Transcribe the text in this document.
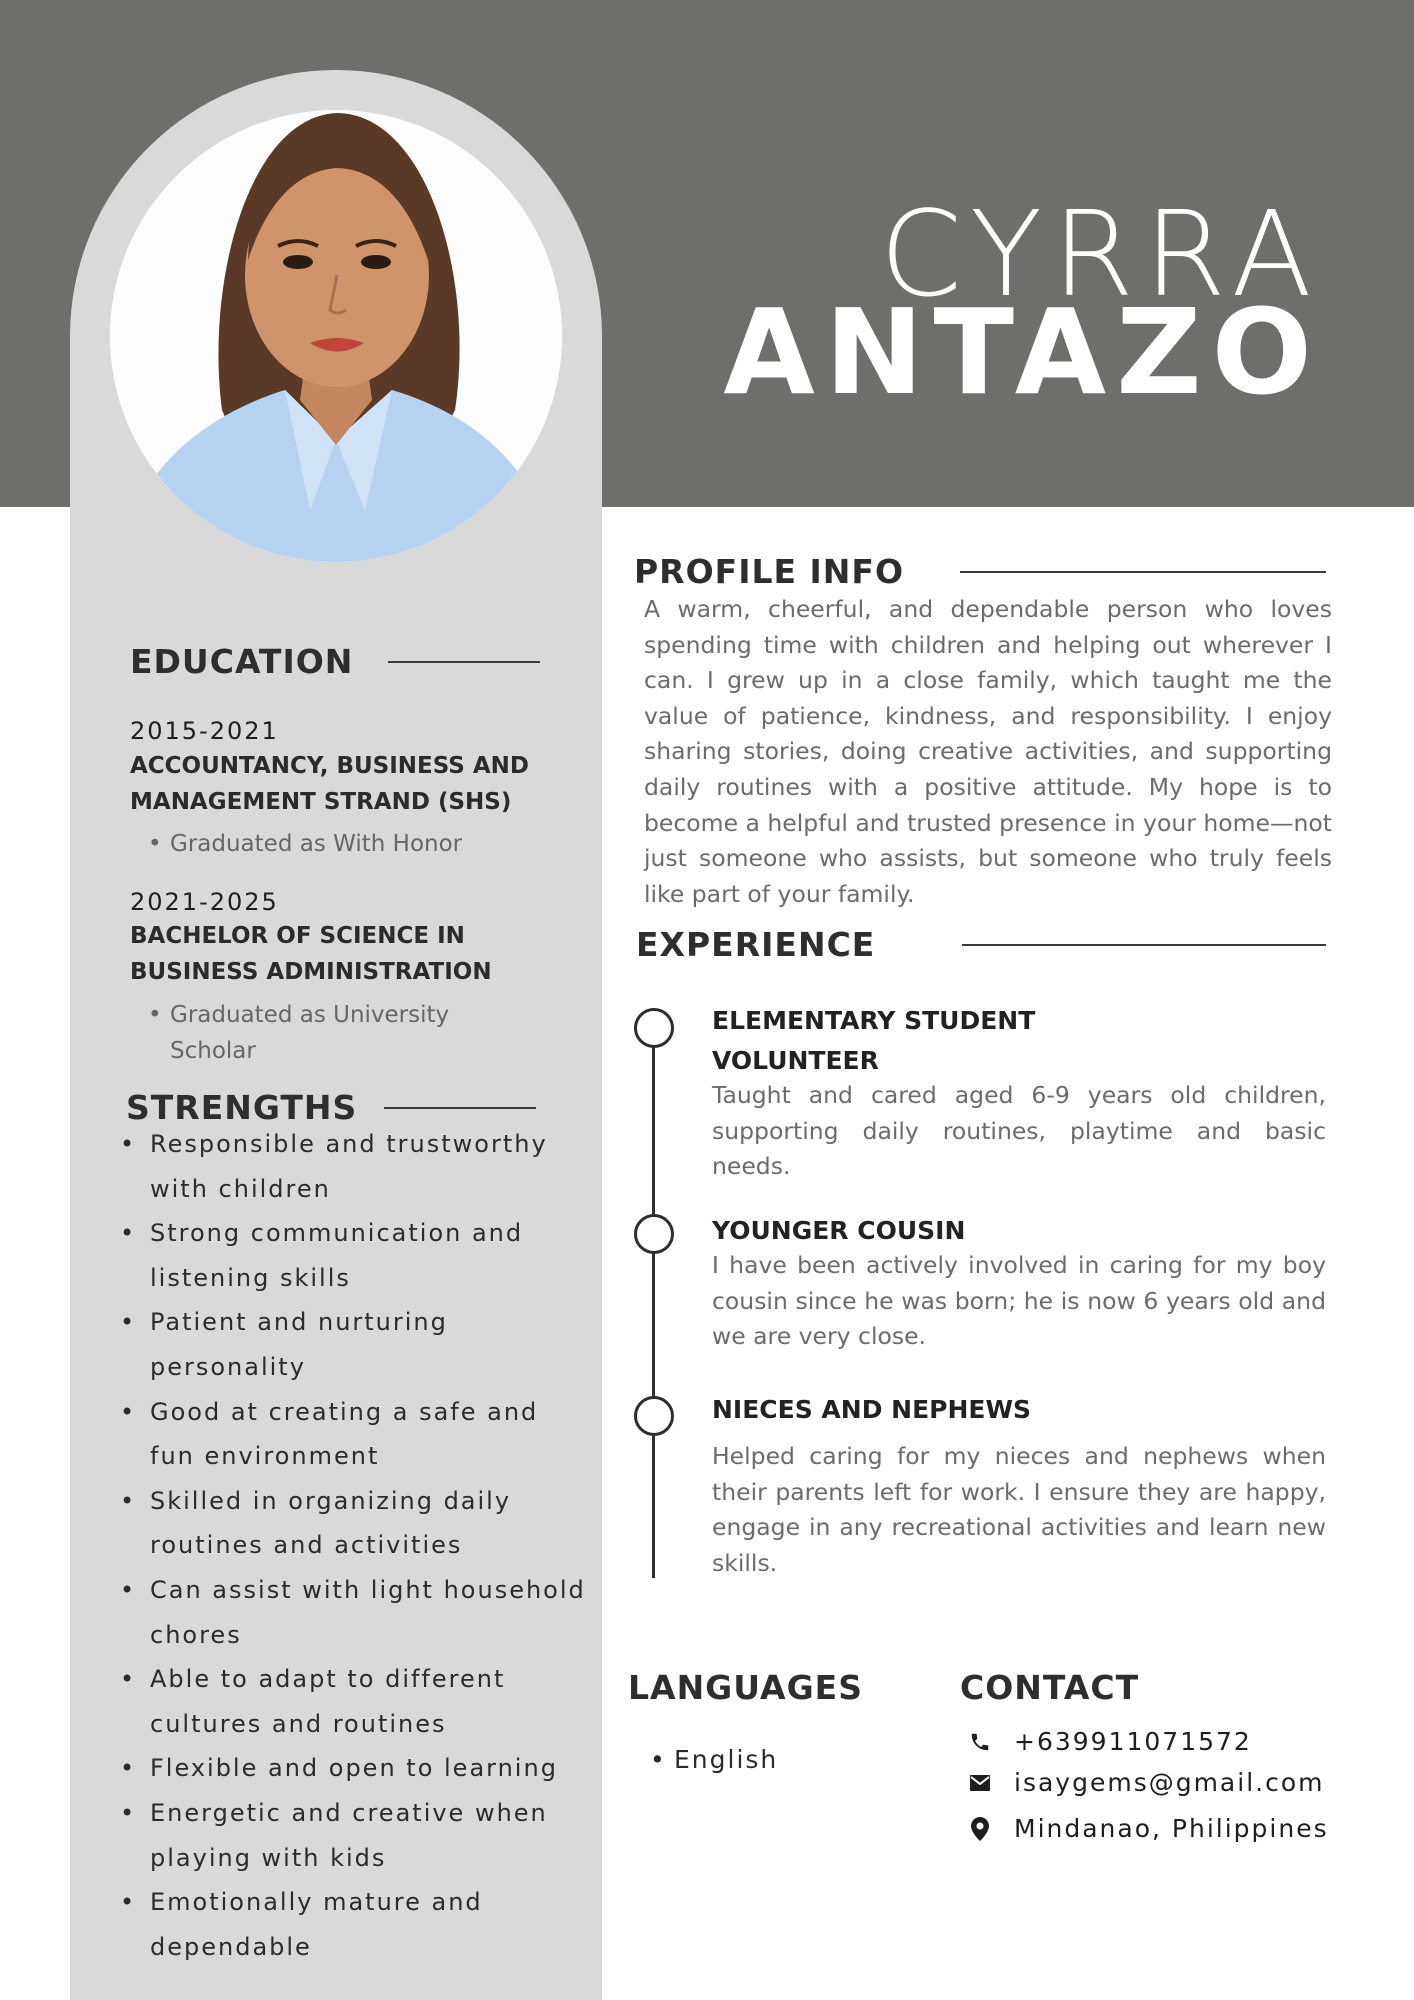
CYRRA
ANTAZO
PROFILE INFO

A warm, cheerful, and dependable person who loves spending time with children and helping out wherever I can. I grew up in a close family, which taught me the value of patience, kindness, and responsibility. I enjoy sharing stories, doing creative activities, and supporting daily routines with a positive attitude. My hope is to become a helpful and trusted presence in your home—not just someone who assists, but someone who truly feels like part of your family.

EDUCATION
2015-2021
ACCOUNTANCY, BUSINESS AND MANAGEMENT STRAND (SHS)
• Graduated as With Honor
2021-2025
BACHELOR OF SCIENCE IN BUSINESS ADMINISTRATION
• Graduated as University Scholar
STRENGTHS
• Responsible and trustworthy with children
• Strong communication and listening skills
• Patient and nurturing personality
• Good at creating a safe and fun environment
• Skilled in organizing daily routines and activities
• Can assist with light household chores
• Able to adapt to different cultures and routines
• Flexible and open to learning
• Energetic and creative when playing with kids
• Emotionally mature and dependable
EXPERIENCE
ELEMENTARY STUDENT VOLUNTEER

Taught and cared aged 6-9 years old children, supporting daily routines, playtime and basic needs.

YOUNGER COUSIN

I have been actively involved in caring for my boy cousin since he was born; he is now 6 years old and we are very close.

NIECES AND NEPHEWS

Helped caring for my nieces and nephews when their parents left for work. I ensure they are happy, engage in any recreational activities and learn new skills.

LANGUAGES
• English
CONTACT
+639911071572
isaygems@gmail.com
Mindanao, Philippines
